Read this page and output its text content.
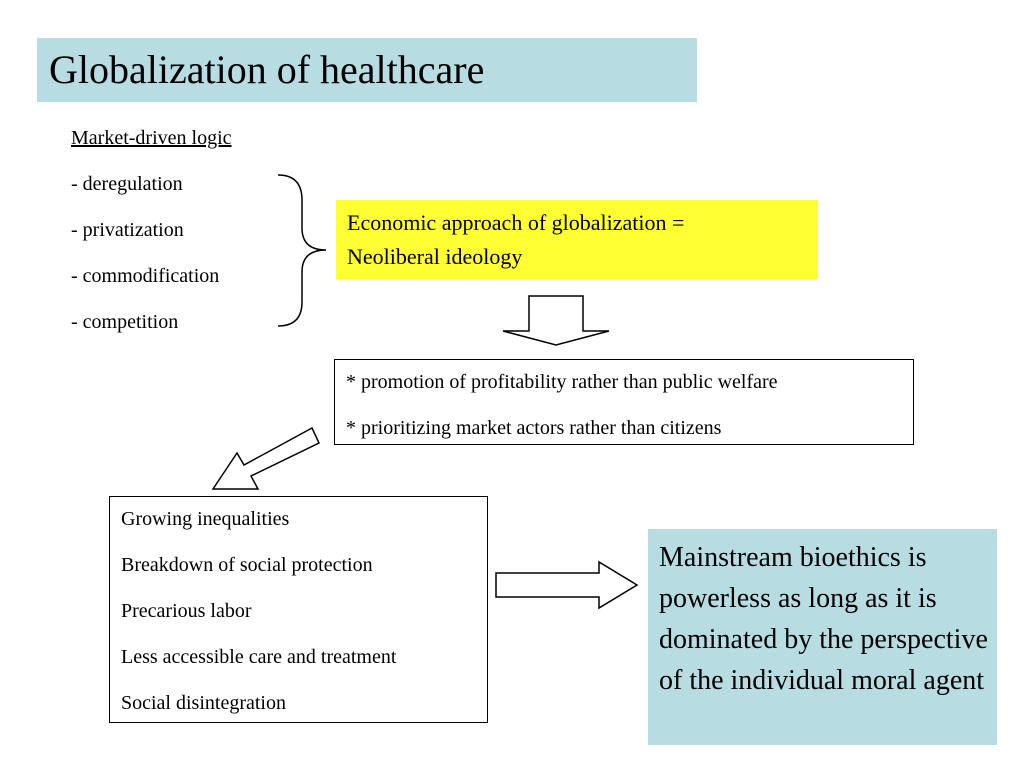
Globalization of healthcare
Market-driven logic
- deregulation
- privatization
- commodification
- competition
Economic approach of globalization =
Neoliberal ideology
* promotion of profitability rather than public welfare
* prioritizing market actors rather than citizens
Growing inequalities
Breakdown of social protection
Precarious labor
Less accessible care and treatment
Social disintegration
Mainstream bioethics is powerless as long as it is dominated by the perspective of the individual moral agent
